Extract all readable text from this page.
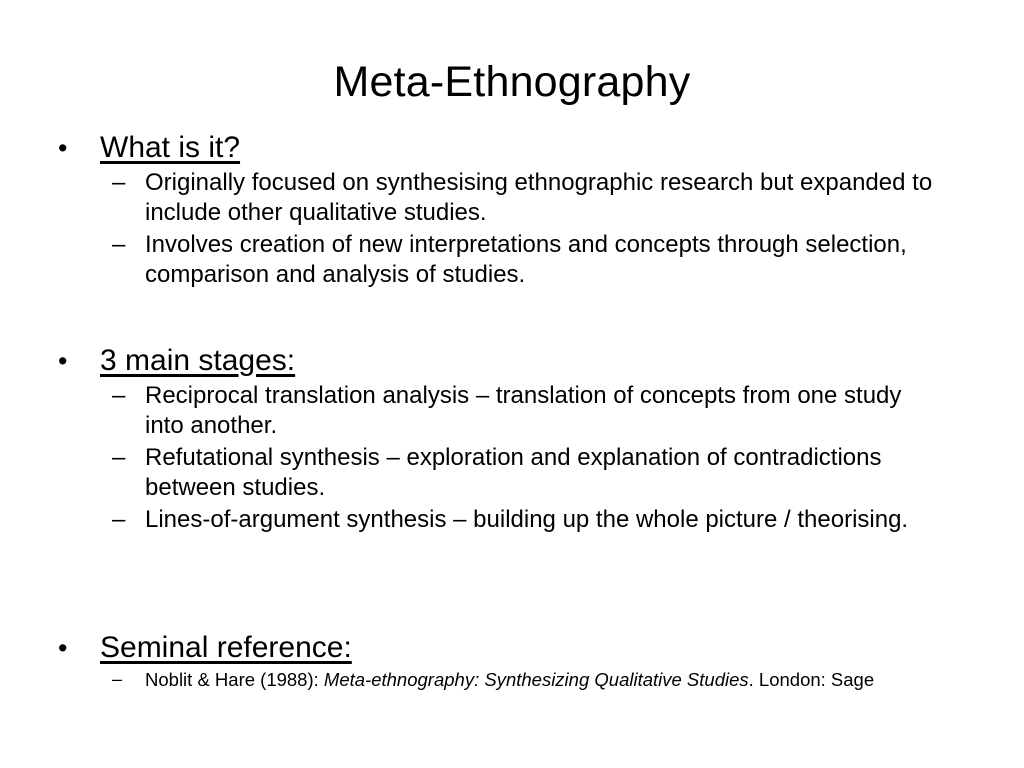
Meta-Ethnography
•	What is it?
– Originally focused on synthesising ethnographic research but expanded to include other qualitative studies.
– Involves creation of new interpretations and concepts through selection, comparison and analysis of studies.
•	3 main stages:
– Reciprocal translation analysis – translation of concepts from one study into another.
– Refutational synthesis – exploration and explanation of contradictions between studies.
– Lines-of-argument synthesis – building up the whole picture / theorising.
•	Seminal reference:
–	Noblit & Hare (1988): Meta-ethnography: Synthesizing Qualitative Studies. London: Sage
